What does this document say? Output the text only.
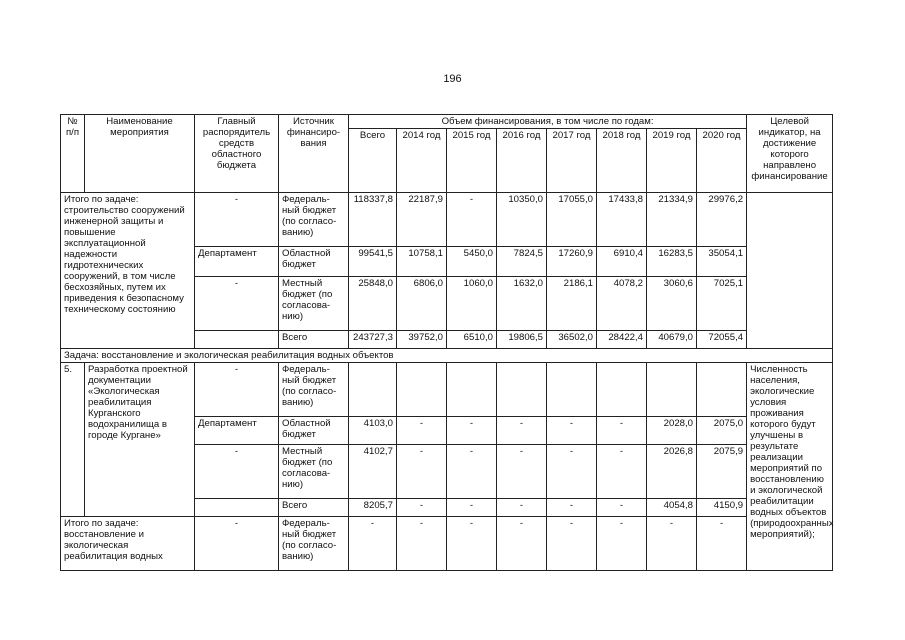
196
№ п/п	Наименование мероприятия	Главный распорядитель средств областного бюджета	Источник финансиро-вания	Объем финансирования, в том числе по годам:								Целевой индикатор, на достижение которого направлено финансирование
				Всего	2014 год	2015 год	2016 год	2017 год	2018 год	2019 год	2020 год	
Итого по задаче: строительство сооружений инженерной защиты и повышение эксплуатационной надежности гидротехнических сооружений, в том числе бесхозяйных, путем их приведения к безопасному техническому состоянию		-	Федераль-ный бюджет (по согласо-ванию)	118337,8	22187,9	-	10350,0	17055,0	17433,8	21334,9	29976,2	
		Департамент	Областной бюджет	99541,5	10758,1	5450,0	7824,5	17260,9	6910,4	16283,5	35054,1	
		-	Местный бюджет (по согласова-нию)	25848,0	6806,0	1060,0	1632,0	2186,1	4078,2	3060,6	7025,1	
			Всего	243727,3	39752,0	6510,0	19806,5	36502,0	28422,4	40679,0	72055,4	
Задача: восстановление и экологическая реабилитация водных объектов												
5.	Разработка проектной документации «Экологическая реабилитация Курганского водохранилища в городе Кургане»	-	Федераль-ный бюджет (по согласо-ванию)									Численность населения, экологические условия проживания которого будут улучшены в результате реализации мероприятий по восстановлению и экологической реабилитации водных объектов (природоохранных мероприятий);
		Департамент	Областной бюджет	4103,0	-	-	-	-	-	2028,0	2075,0	
		-	Местный бюджет (по согласова-нию)	4102,7	-	-	-	-	-	2026,8	2075,9	
			Всего	8205,7	-	-	-	-	-	4054,8	4150,9	
Итого по задаче: восстановление и экологическая реабилитация водных		-	Федераль-ный бюджет (по согласо-ванию)	-	-	-	-	-	-	-	-	
